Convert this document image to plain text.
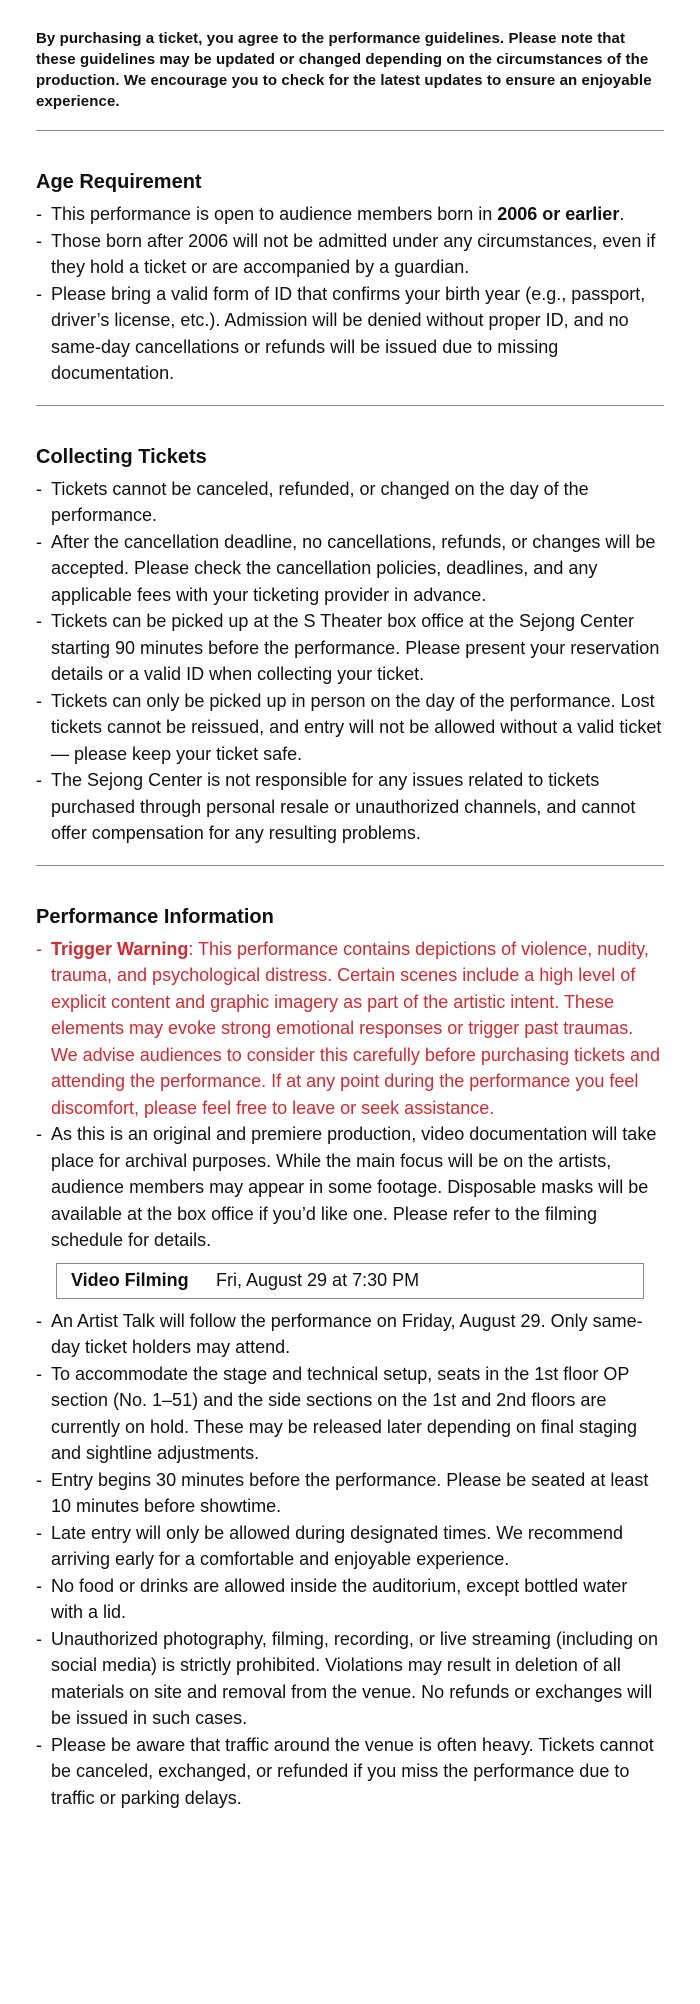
By purchasing a ticket, you agree to the performance guidelines. Please note that these guidelines may be updated or changed depending on the circumstances of the production. We encourage you to check for the latest updates to ensure an enjoyable experience.

Age Requirement
- This performance is open to audience members born in 2006 or earlier.
- Those born after 2006 will not be admitted under any circumstances, even if they hold a ticket or are accompanied by a guardian.
- Please bring a valid form of ID that confirms your birth year (e.g., passport, driver’s license, etc.). Admission will be denied without proper ID, and no same-day cancellations or refunds will be issued due to missing documentation.
Collecting Tickets
- Tickets cannot be canceled, refunded, or changed on the day of the performance.
- After the cancellation deadline, no cancellations, refunds, or changes will be accepted. Please check the cancellation policies, deadlines, and any applicable fees with your ticketing provider in advance.
- Tickets can be picked up at the S Theater box office at the Sejong Center starting 90 minutes before the performance. Please present your reservation details or a valid ID when collecting your ticket.
- Tickets can only be picked up in person on the day of the performance. Lost tickets cannot be reissued, and entry will not be allowed without a valid ticket — please keep your ticket safe.
- The Sejong Center is not responsible for any issues related to tickets purchased through personal resale or unauthorized channels, and cannot offer compensation for any resulting problems.
Performance Information
- Trigger Warning: This performance contains depictions of violence, nudity, trauma, and psychological distress. Certain scenes include a high level of explicit content and graphic imagery as part of the artistic intent. These elements may evoke strong emotional responses or trigger past traumas. We advise audiences to consider this carefully before purchasing tickets and attending the performance. If at any point during the performance you feel discomfort, please feel free to leave or seek assistance.
- As this is an original and premiere production, video documentation will take place for archival purposes. While the main focus will be on the artists, audience members may appear in some footage. Disposable masks will be available at the box office if you’d like one. Please refer to the filming schedule for details.
Video Filming	Fri, August 29 at 7:30 PM
- An Artist Talk will follow the performance on Friday, August 29. Only same-day ticket holders may attend.
- To accommodate the stage and technical setup, seats in the 1st floor OP section (No. 1–51) and the side sections on the 1st and 2nd floors are currently on hold. These may be released later depending on final staging and sightline adjustments.
- Entry begins 30 minutes before the performance. Please be seated at least 10 minutes before showtime.
- Late entry will only be allowed during designated times. We recommend arriving early for a comfortable and enjoyable experience.
- No food or drinks are allowed inside the auditorium, except bottled water with a lid.
- Unauthorized photography, filming, recording, or live streaming (including on social media) is strictly prohibited. Violations may result in deletion of all materials on site and removal from the venue. No refunds or exchanges will be issued in such cases.
- Please be aware that traffic around the venue is often heavy. Tickets cannot be canceled, exchanged, or refunded if you miss the performance due to traffic or parking delays.
